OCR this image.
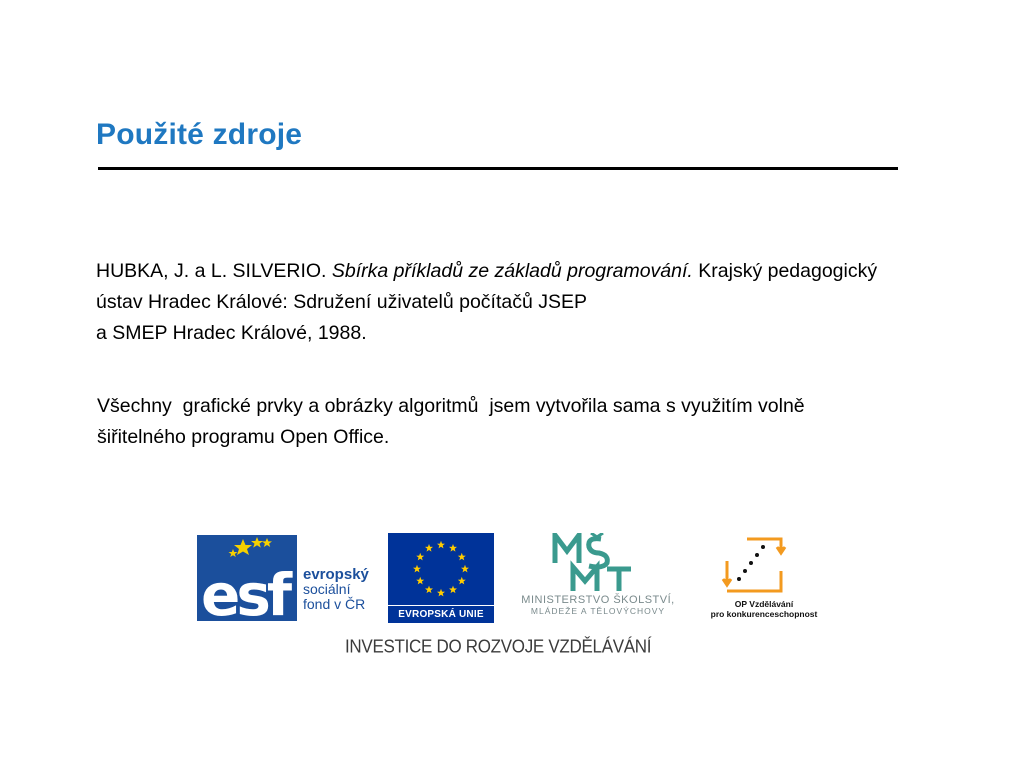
Použité zdroje

HUBKA, J. a L. SILVERIO. Sbírka příkladů ze základů programování. Krajský pedagogický ústav Hradec Králové: Sdružení uživatelů počítačů JSEP
a SMEP Hradec Králové, 1988.

Všechny  grafické prvky a obrázky algoritmů  jsem vytvořila sama s využitím volně šiřitelného programu Open Office.

esf evropský
sociální
fond v ČR
EVROPSKÁ UNIE
MINISTERSTVO ŠKOLSTVÍ,
MLÁDEŽE A TĚLOVÝCHOVY
OP Vzdělávání
pro konkurenceschopnost
INVESTICE DO ROZVOJE VZDĚLÁVÁNÍ
